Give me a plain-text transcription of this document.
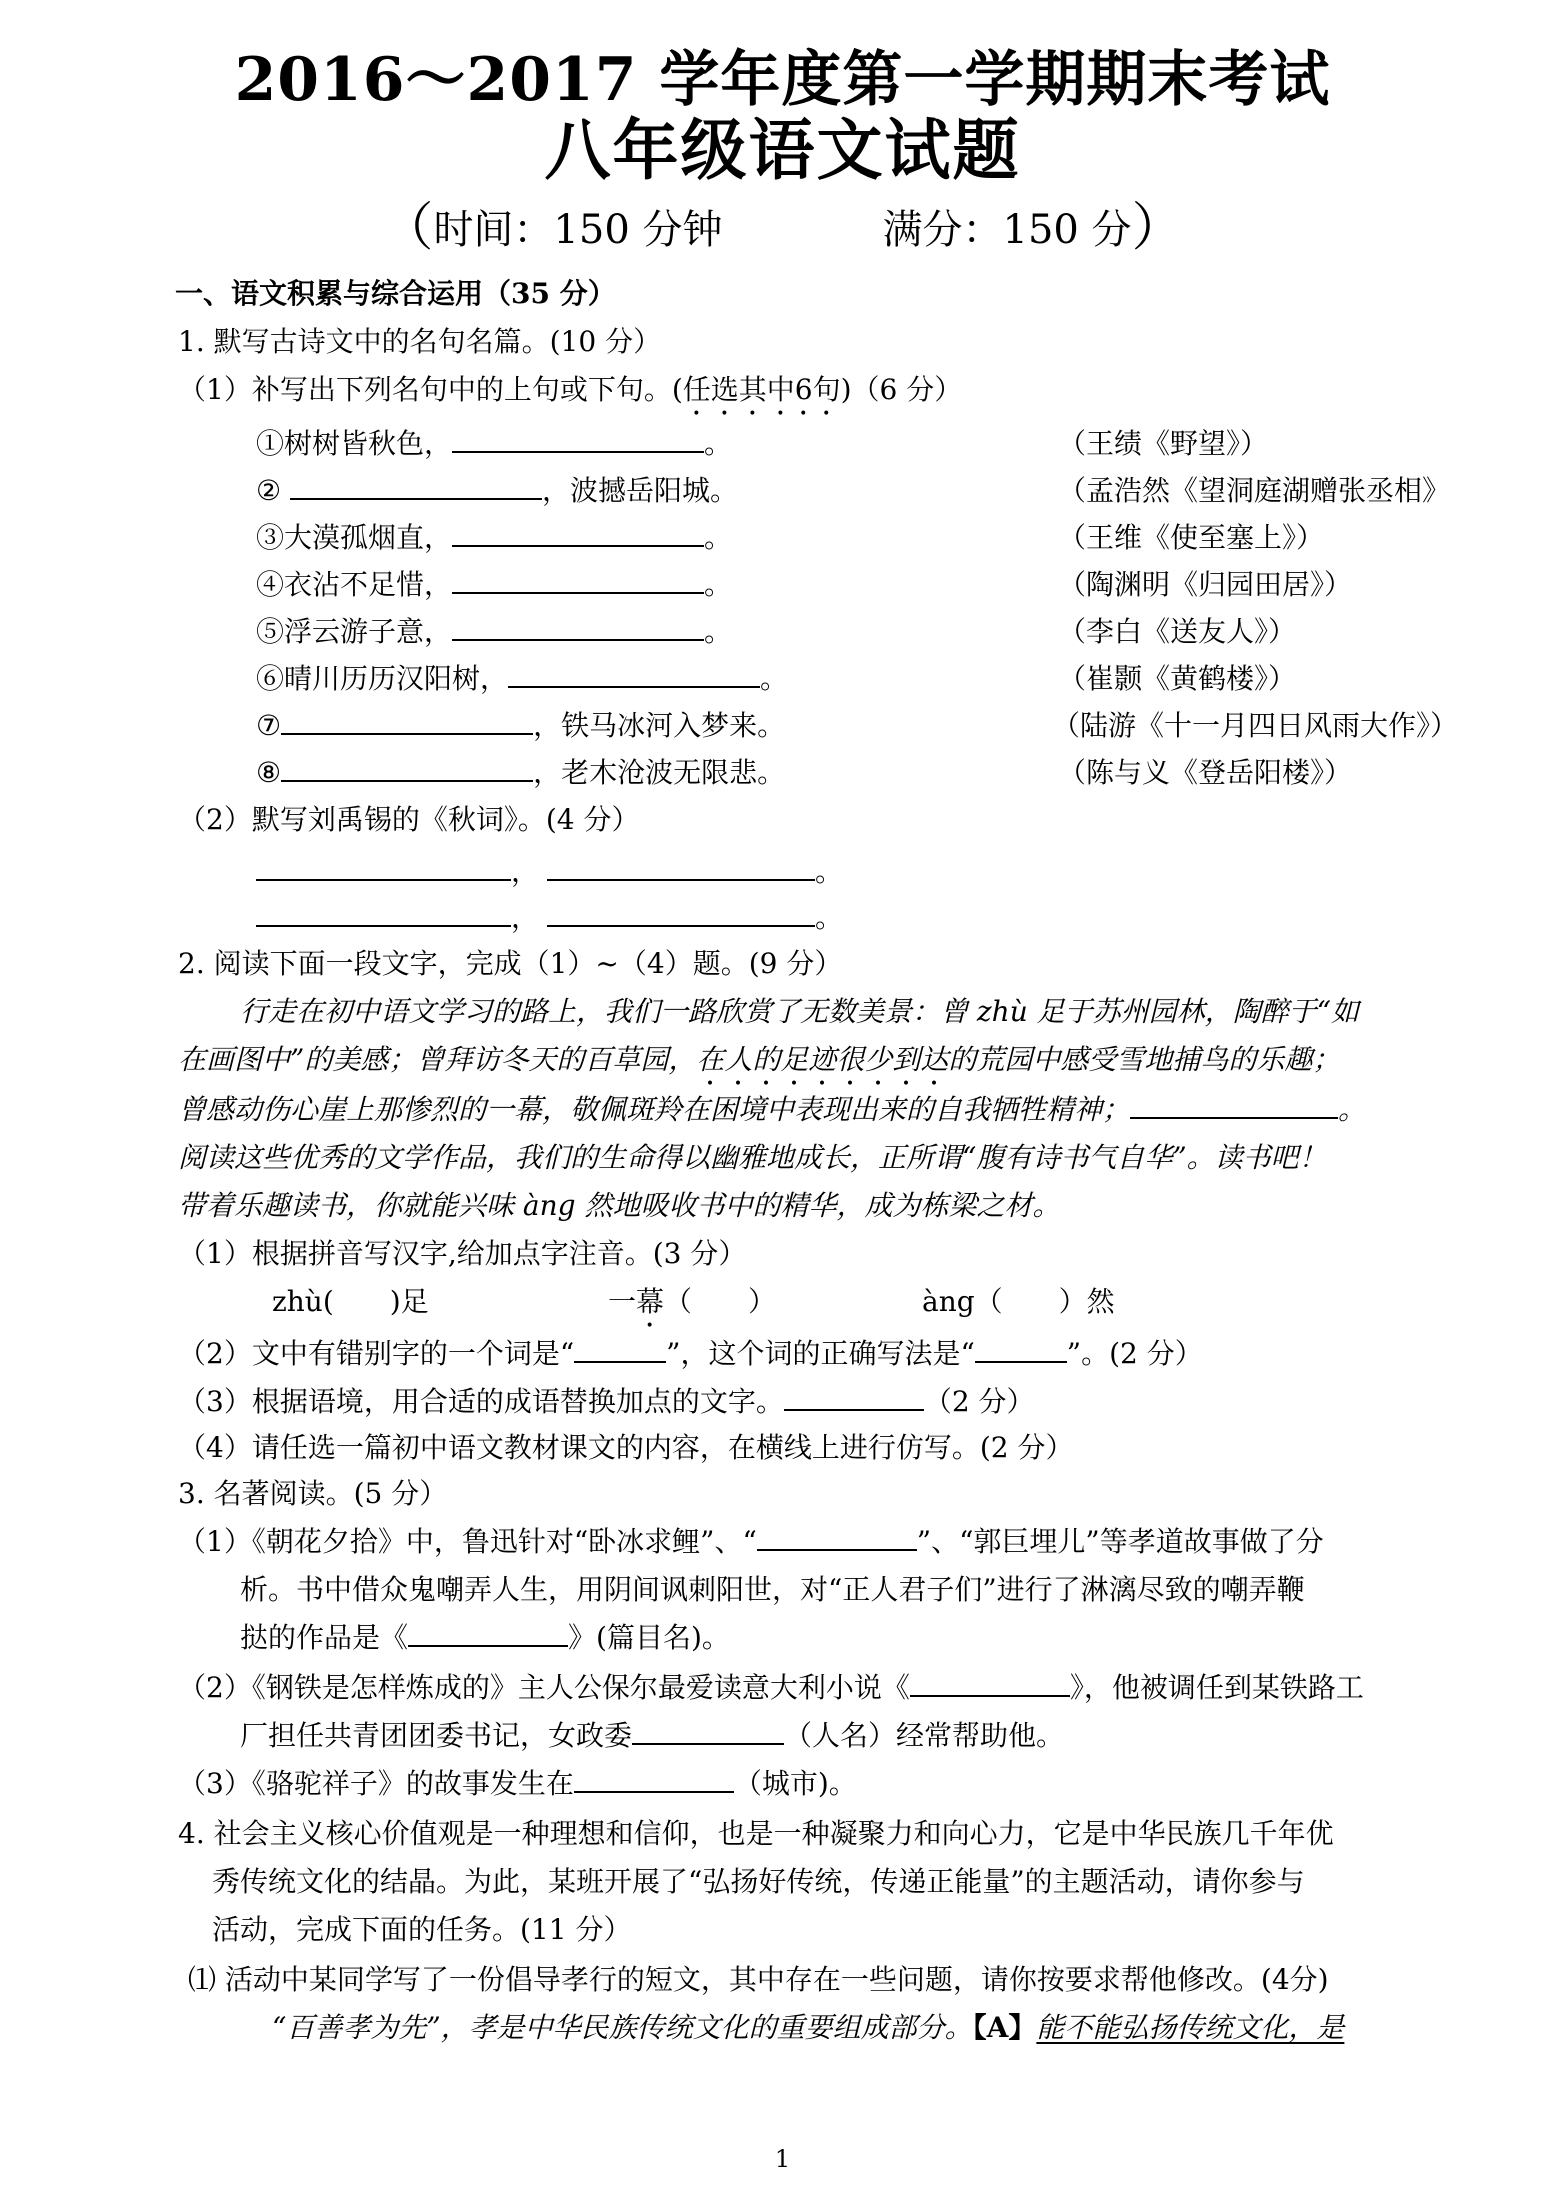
2016～2017 学年度第一学期期末考试
八年级语文试题
（时间：150 分钟	满分：150 分）
一、语文积累与综合运用（35 分）
1. 默写古诗文中的名句名篇。(10 分）
（1）补写出下列名句中的上句或下句。(任选其中6句)（6 分）
①树树皆秋色，	。	（王绩《野望》）
②	，波撼岳阳城。	（孟浩然《望洞庭湖赠张丞相》
③大漠孤烟直，	。	（王维《使至塞上》）
④衣沾不足惜，	。	（陶渊明《归园田居》）
⑤浮云游子意，	。	（李白《送友人》）
⑥晴川历历汉阳树，	。	（崔颢《黄鹤楼》）
⑦	，铁马冰河入梦来。	（陆游《十一月四日风雨大作》）
⑧	，老木沧波无限悲。	（陈与义《登岳阳楼》）
（2）默写刘禹锡的《秋词》。(4 分）
，	。
，	。
2. 阅读下面一段文字，完成（1）~（4）题。(9 分）
行走在初中语文学习的路上，我们一路欣赏了无数美景：曾 zhù 足于苏州园林，陶醉于“如
在画图中”的美感；曾拜访冬天的百草园，在人的足迹很少到达的荒园中感受雪地捕鸟的乐趣；
曾感动伤心崖上那惨烈的一幕，敬佩斑羚在困境中表现出来的自我牺牲精神；	。
阅读这些优秀的文学作品，我们的生命得以幽雅地成长，正所谓“腹有诗书气自华”。读书吧！
带着乐趣读书，你就能兴味 àng 然地吸收书中的精华，成为栋梁之材。
（1）根据拼音写汉字,给加点字注音。(3 分）
zhù(　　)足	一幕（　　）	àng（　　）然
（2）文中有错别字的一个词是“	”，这个词的正确写法是“	”。(2 分）
（3）根据语境，用合适的成语替换加点的文字。	（2 分）
（4）请任选一篇初中语文教材课文的内容，在横线上进行仿写。(2 分）
3. 名著阅读。(5 分）
（1）《朝花夕拾》中，鲁迅针对“卧冰求鲤”、“	”、“郭巨埋儿”等孝道故事做了分
析。书中借众鬼嘲弄人生，用阴间讽刺阳世，对“正人君子们”进行了淋漓尽致的嘲弄鞭
挞的作品是《	》(篇目名)。
（2）《钢铁是怎样炼成的》主人公保尔最爱读意大利小说《	》，他被调任到某铁路工
厂担任共青团团委书记，女政委	（人名）经常帮助他。
（3）《骆驼祥子》的故事发生在	（城市)。
4. 社会主义核心价值观是一种理想和信仰，也是一种凝聚力和向心力，它是中华民族几千年优
秀传统文化的结晶。为此，某班开展了“弘扬好传统，传递正能量”的主题活动，请你参与
活动，完成下面的任务。(11 分）
⑴ 活动中某同学写了一份倡导孝行的短文，其中存在一些问题，请你按要求帮他修改。(4分)
“百善孝为先”，孝是中华民族传统文化的重要组成部分。【A】能不能弘扬传统文化，是
1
